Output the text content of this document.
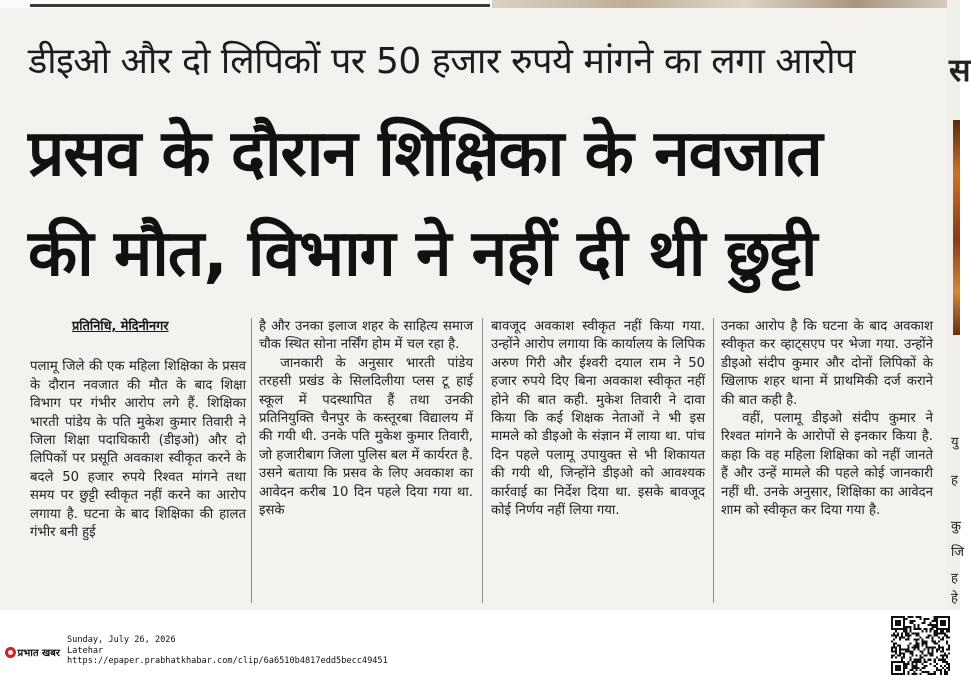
डीइओ और दो लिपिकों पर 50 हजार रुपये मांगने का लगा आरोप
प्रसव के दौरान शिक्षिका के नवजात
की मौत, विभाग ने नहीं दी थी छुट्टी
प्रतिनिधि, मेदिनीनगर

पलामू जिले की एक महिला शिक्षिका के प्रसव के दौरान नवजात की मौत के बाद शिक्षा विभाग पर गंभीर आरोप लगे हैं. शिक्षिका भारती पांडेय के पति मुकेश कुमार तिवारी ने जिला शिक्षा पदाधिकारी (डीइओ) और दो लिपिकों पर प्रसूति अवकाश स्वीकृत करने के बदले 50 हजार रुपये रिश्वत मांगने तथा समय पर छुट्टी स्वीकृत नहीं करने का आरोप लगाया है. घटना के बाद शिक्षिका की हालत गंभीर बनी हुई

है और उनका इलाज शहर के साहित्य समाज चौक स्थित सोना नर्सिंग होम में चल रहा है.

जानकारी के अनुसार भारती पांडेय तरहसी प्रखंड के सिलदिलीया प्लस टू हाई स्कूल में पदस्थापित हैं तथा उनकी प्रतिनियुक्ति चैनपुर के कस्तूरबा विद्यालय में की गयी थी. उनके पति मुकेश कुमार तिवारी, जो हजारीबाग जिला पुलिस बल में कार्यरत है. उसने बताया कि प्रसव के लिए अवकाश का आवेदन करीब 10 दिन पहले दिया गया था. इसके

बावजूद अवकाश स्वीकृत नहीं किया गया. उन्होंने आरोप लगाया कि कार्यालय के लिपिक अरुण गिरी और ईश्वरी दयाल राम ने 50 हजार रुपये दिए बिना अवकाश स्वीकृत नहीं होने की बात कही. मुकेश तिवारी ने दावा किया कि कई शिक्षक नेताओं ने भी इस मामले को डीइओ के संज्ञान में लाया था. पांच दिन पहले पलामू उपायुक्त से भी शिकायत की गयी थी, जिन्होंने डीइओ को आवश्यक कार्रवाई का निर्देश दिया था. इसके बावजूद कोई निर्णय नहीं लिया गया.

उनका आरोप है कि घटना के बाद अवकाश स्वीकृत कर व्हाट्सएप पर भेजा गया. उन्होंने डीइओ संदीप कुमार और दोनों लिपिकों के खिलाफ शहर थाना में प्राथमिकी दर्ज कराने की बात कही है.

वहीं, पलामू डीइओ संदीप कुमार ने रिश्वत मांगने के आरोपों से इनकार किया है. कहा कि वह महिला शिक्षिका को नहीं जानते हैं और उन्हें मामले की पहले कोई जानकारी नहीं थी. उनके अनुसार, शिक्षिका का आवेदन शाम को स्वीकृत कर दिया गया है.

स
यु
ह
कु
जि
ह
हे
प्रभात खबर
Sunday, July 26, 2026
Latehar
https://epaper.prabhatkhabar.com/clip/6a6510b4817edd5becc49451
